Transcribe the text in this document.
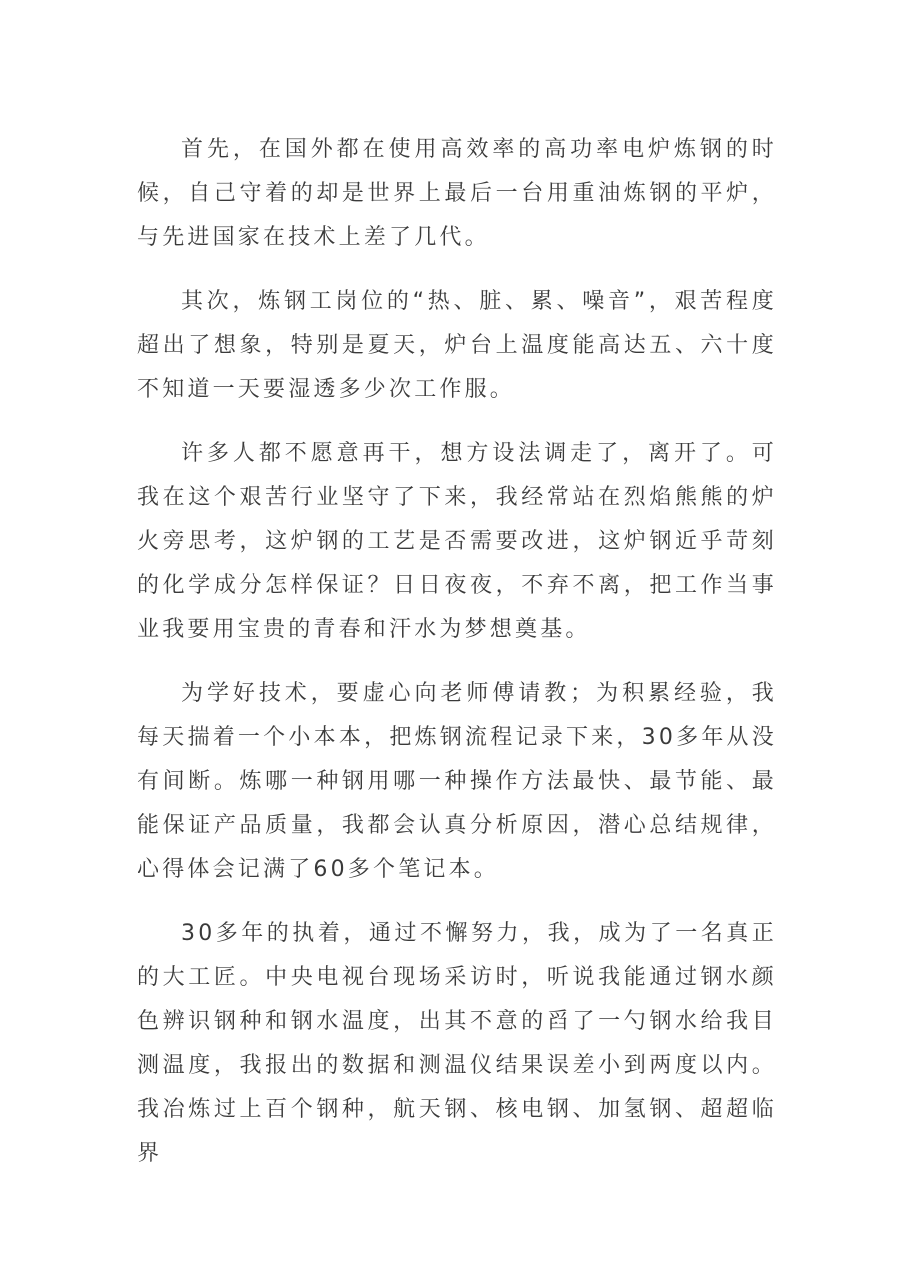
首先，在国外都在使用高效率的高功率电炉炼钢的时候，自己守着的却是世界上最后一台用重油炼钢的平炉，与先进国家在技术上差了几代。

其次，炼钢工岗位的“热、脏、累、噪音”，艰苦程度超出了想象，特别是夏天，炉台上温度能高达五、六十度不知道一天要湿透多少次工作服。

许多人都不愿意再干，想方设法调走了，离开了。可我在这个艰苦行业坚守了下来，我经常站在烈焰熊熊的炉火旁思考，这炉钢的工艺是否需要改进，这炉钢近乎苛刻的化学成分怎样保证？日日夜夜，不弃不离，把工作当事业我要用宝贵的青春和汗水为梦想奠基。

为学好技术，要虚心向老师傅请教；为积累经验，我每天揣着一个小本本，把炼钢流程记录下来，30多年从没有间断。炼哪一种钢用哪一种操作方法最快、最节能、最能保证产品质量，我都会认真分析原因，潜心总结规律，心得体会记满了60多个笔记本。

30多年的执着，通过不懈努力，我，成为了一名真正的大工匠。中央电视台现场采访时，听说我能通过钢水颜色辨识钢种和钢水温度，出其不意的舀了一勺钢水给我目测温度，我报出的数据和测温仪结果误差小到两度以内。我冶炼过上百个钢种，航天钢、核电钢、加氢钢、超超临界
